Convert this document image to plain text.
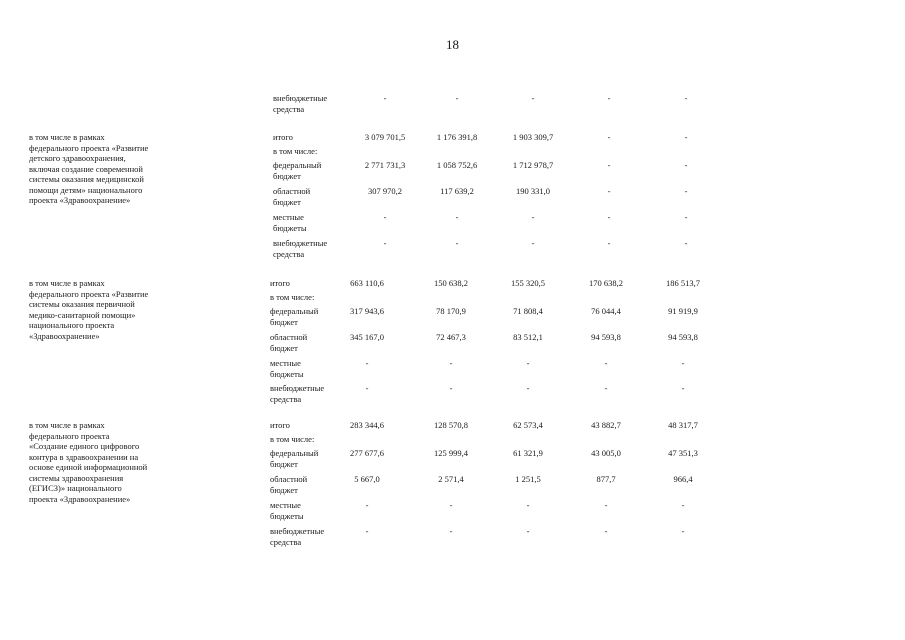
18
внебюджетные
средства
-	-	-	-	-
в том числе в рамках
федерального проекта «Развитие
детского здравоохранения,
включая создание современной
системы оказания медицинской
помощи детям» национального
проекта «Здравоохранение»
итого	3 079 701,5	1 176 391,8	1 903 309,7	-	-
в том числе:
федеральный
бюджет
2 771 731,3	1 058 752,6	1 712 978,7	-	-
областной
бюджет
307 970,2	117 639,2	190 331,0	-	-
местные
бюджеты
-	-	-	-	-
внебюджетные
средства
-	-	-	-	-
в том числе в рамках
федерального проекта «Развитие
системы оказания первичной
медико-санитарной помощи»
национального проекта
«Здравоохранение»
итого	663 110,6	150 638,2	155 320,5	170 638,2	186 513,7
в том числе:
федеральный
бюджет
317 943,6	78 170,9	71 808,4	76 044,4	91 919,9
областной
бюджет
345 167,0	72 467,3	83 512,1	94 593,8	94 593,8
местные
бюджеты
-	-	-	-	-
внебюджетные
средства
-	-	-	-	-
в том числе в рамках
федерального проекта
«Создание единого цифрового
контура в здравоохранении на
основе единой информационной
системы здравоохранения
(ЕГИСЗ)» национального
проекта «Здравоохранение»
итого	283 344,6	128 570,8	62 573,4	43 882,7	48 317,7
в том числе:
федеральный
бюджет
277 677,6	125 999,4	61 321,9	43 005,0	47 351,3
областной
бюджет
5 667,0	2 571,4	1 251,5	877,7	966,4
местные
бюджеты
-	-	-	-	-
внебюджетные
средства
-	-	-	-	-
